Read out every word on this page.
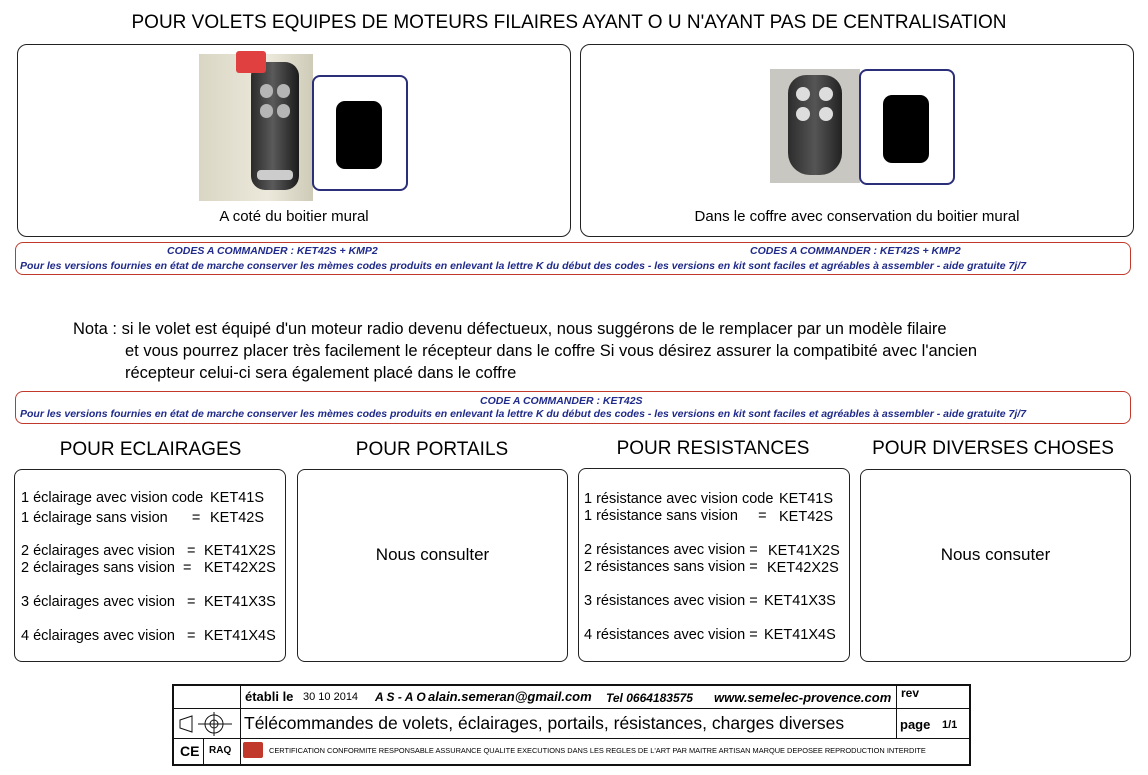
POUR VOLETS EQUIPES DE MOTEURS FILAIRES AYANT O U N'AYANT PAS DE CENTRALISATION
A coté du boitier mural	Dans le coffre avec conservation du boitier mural
CODES A COMMANDER : KET42S + KMP2	CODES A COMMANDER : KET42S + KMP2
Pour les versions fournies en état de marche conserver les mèmes codes produits en enlevant la lettre K du début des codes - les versions en kit sont faciles et agréables à assembler - aide gratuite 7j/7
Nota : si le volet est équipé d'un moteur radio devenu défectueux, nous suggérons de le remplacer par un modèle filaire
et vous pourrez placer très facilement le récepteur dans le coffre Si vous désirez assurer la compatibité avec l'ancien
récepteur celui-ci sera également placé dans le coffre
CODE A COMMANDER : KET42S
Pour les versions fournies en état de marche conserver les mèmes codes produits en enlevant la lettre K du début des codes - les versions en kit sont faciles et agréables à assembler - aide gratuite 7j/7
POUR ECLAIRAGES	POUR PORTAILS	POUR RESISTANCES	POUR DIVERSES CHOSES
1 éclairage avec vision code KET41S
1 éclairage sans vision      = KET42S
2 éclairages avec vision   = KET41X2S
2 éclairages sans vision  = KET42X2S
3 éclairages avec vision   = KET41X3S
4 éclairages avec vision   = KET41X4S
Nous consulter
1 résistance avec vision code KET41S
1 résistance sans vision     = KET42S
2 résistances avec vision = KET41X2S
2 résistances sans vision = KET42X2S
3 résistances avec vision = KET41X3S
4 résistances avec vision = KET41X4S
Nous consuter
établi le 30 10 2014 A S - A O alain.semeran@gmail.com Tel 0664183575 www.semelec-provence.com rev
Télécommandes de volets, éclairages, portails, résistances, charges diverses	page 1/1
CE RAQ	CERTIFICATION CONFORMITE RESPONSABLE ASSURANCE QUALITE EXECUTIONS DANS LES REGLES DE L'ART PAR MAITRE ARTISAN MARQUE DEPOSEE REPRODUCTION INTERDITE
